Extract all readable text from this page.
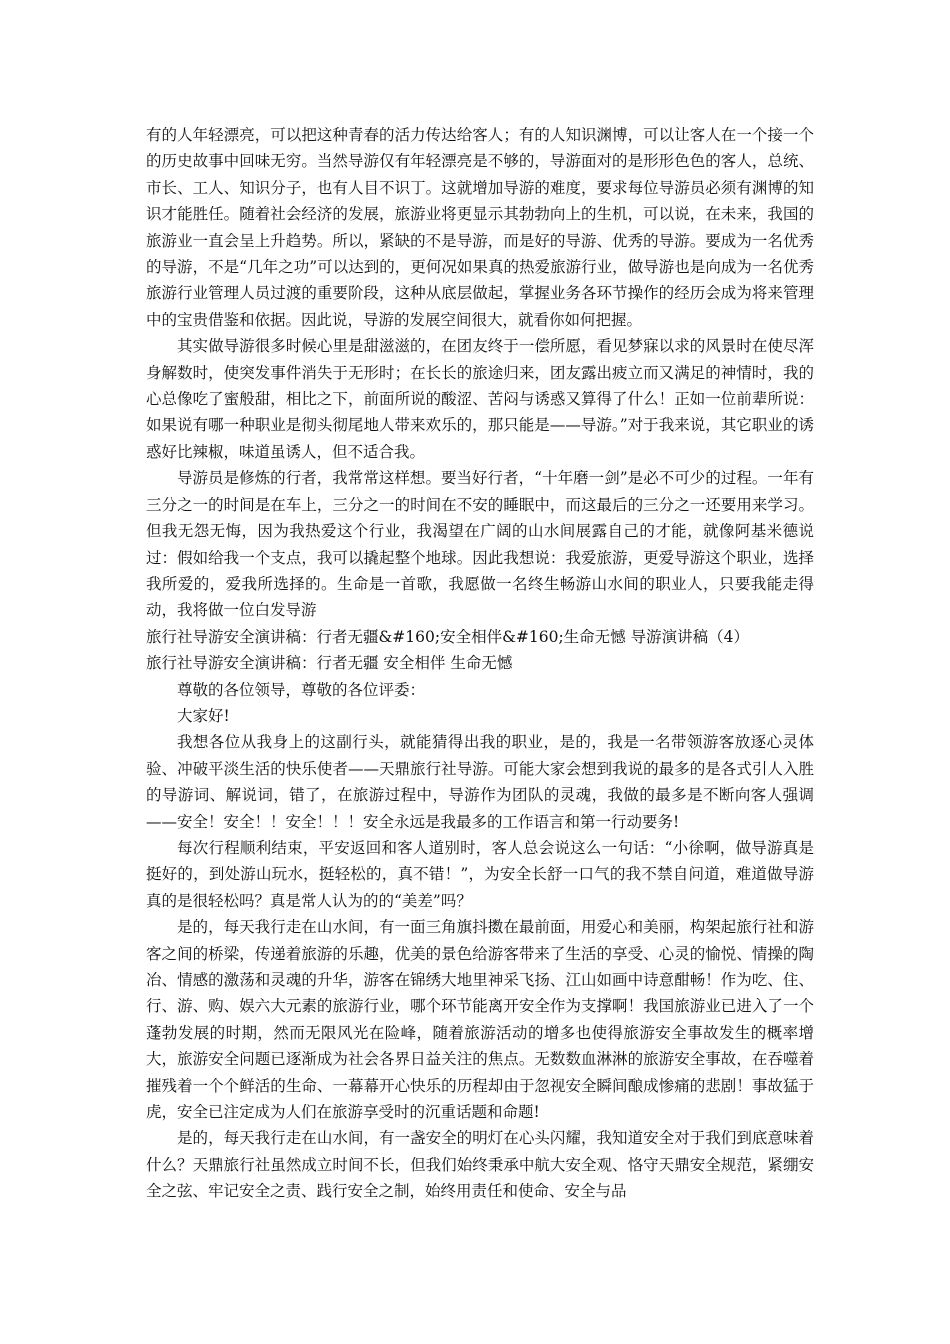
有的人年轻漂亮，可以把这种青春的活力传达给客人；有的人知识渊博，可以让客人在一个接一个的历史故事中回味无穷。当然导游仅有年轻漂亮是不够的，导游面对的是形形色色的客人，总统、市长、工人、知识分子，也有人目不识丁。这就增加导游的难度，要求每位导游员必须有渊博的知识才能胜任。随着社会经济的发展，旅游业将更显示其勃勃向上的生机，可以说，在未来，我国的旅游业一直会呈上升趋势。所以，紧缺的不是导游，而是好的导游、优秀的导游。要成为一名优秀的导游，不是“几年之功”可以达到的，更何况如果真的热爱旅游行业，做导游也是向成为一名优秀旅游行业管理人员过渡的重要阶段，这种从底层做起，掌握业务各环节操作的经历会成为将来管理中的宝贵借鉴和依据。因此说，导游的发展空间很大，就看你如何把握。

其实做导游很多时候心里是甜滋滋的，在团友终于一偿所愿，看见梦寐以求的风景时在使尽浑身解数时，使突发事件消失于无形时；在长长的旅途归来，团友露出疲立而又满足的神情时，我的心总像吃了蜜般甜，相比之下，前面所说的酸涩、苦闷与诱惑又算得了什么！正如一位前辈所说：如果说有哪一种职业是彻头彻尾地人带来欢乐的，那只能是——导游。”对于我来说，其它职业的诱惑好比辣椒，味道虽诱人，但不适合我。

导游员是修炼的行者，我常常这样想。要当好行者，“十年磨一剑”是必不可少的过程。一年有三分之一的时间是在车上，三分之一的时间在不安的睡眠中，而这最后的三分之一还要用来学习。但我无怨无悔，因为我热爱这个行业，我渴望在广阔的山水间展露自己的才能，就像阿基米德说过：假如给我一个支点，我可以撬起整个地球。因此我想说：我爱旅游，更爱导游这个职业，选择我所爱的，爱我所选择的。生命是一首歌，我愿做一名终生畅游山水间的职业人，只要我能走得动，我将做一位白发导游

旅行社导游安全演讲稿：行者无疆&#160;安全相伴&#160;生命无憾 导游演讲稿（4）

旅行社导游安全演讲稿：行者无疆 安全相伴 生命无憾

尊敬的各位领导，尊敬的各位评委：

大家好!

我想各位从我身上的这副行头，就能猜得出我的职业，是的，我是一名带领游客放逐心灵体验、冲破平淡生活的快乐使者——天鼎旅行社导游。可能大家会想到我说的最多的是各式引人入胜的导游词、解说词，错了，在旅游过程中，导游作为团队的灵魂，我做的最多是不断向客人强调——安全！安全！！安全！！！安全永远是我最多的工作语言和第一行动要务!

每次行程顺利结束，平安返回和客人道别时，客人总会说这么一句话：“小徐啊，做导游真是挺好的，到处游山玩水，挺轻松的，真不错！”，为安全长舒一口气的我不禁自问道，难道做导游真的是很轻松吗？真是常人认为的的“美差”吗？

是的，每天我行走在山水间，有一面三角旗抖擞在最前面，用爱心和美丽，构架起旅行社和游客之间的桥梁，传递着旅游的乐趣，优美的景色给游客带来了生活的享受、心灵的愉悦、情操的陶冶、情感的激荡和灵魂的升华，游客在锦绣大地里神采飞扬、江山如画中诗意酣畅！作为吃、住、行、游、购、娱六大元素的旅游行业，哪个环节能离开安全作为支撑啊！我国旅游业已进入了一个蓬勃发展的时期，然而无限风光在险峰，随着旅游活动的增多也使得旅游安全事故发生的概率增大，旅游安全问题已逐渐成为社会各界日益关注的焦点。无数数血淋淋的旅游安全事故，在吞噬着摧残着一个个鲜活的生命、一幕幕开心快乐的历程却由于忽视安全瞬间酿成惨痛的悲剧！事故猛于虎，安全已注定成为人们在旅游享受时的沉重话题和命题!

是的，每天我行走在山水间，有一盏安全的明灯在心头闪耀，我知道安全对于我们到底意味着什么？天鼎旅行社虽然成立时间不长，但我们始终秉承中航大安全观、恪守天鼎安全规范，紧绷安全之弦、牢记安全之责、践行安全之制，始终用责任和使命、安全与品
